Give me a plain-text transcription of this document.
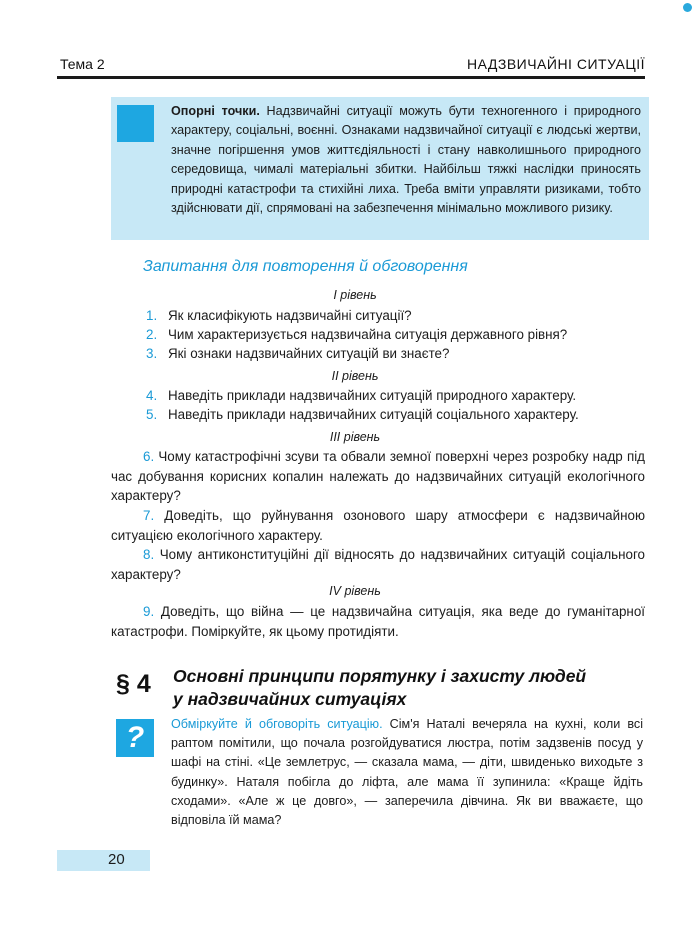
Тема 2	НАДЗВИЧАЙНІ СИТУАЦІЇ
Опорні точки. Надзвичайні ситуації можуть бути техногенного і природного характеру, соціальні, воєнні. Ознаками надзвичайної ситуації є людські жертви, значне погіршення умов життєдіяльності і стану навколишнього природного середовища, чималі матеріальні збитки. Найбільш тяжкі наслідки приносять природні катастрофи та стихійні лиха. Треба вміти управляти ризиками, тобто здійснювати дії, спрямовані на забезпечення мінімально можливого ризику.
Запитання для повторення й обговорення
I рівень
1. Як класифікують надзвичайні ситуації?
2. Чим характеризується надзвичайна ситуація державного рівня?
3. Які ознаки надзвичайних ситуацій ви знаєте?
II рівень
4. Наведіть приклади надзвичайних ситуацій природного характеру.
5. Наведіть приклади надзвичайних ситуацій соціального характеру.
III рівень
6. Чому катастрофічні зсуви та обвали земної поверхні через розробку надр під час добування корисних копалин належать до надзвичайних ситуацій екологічного характеру?
7. Доведіть, що руйнування озонового шару атмосфери є надзвичайною ситуацією екологічного характеру.
8. Чому антиконституційні дії відносять до надзвичайних ситуацій соціального характеру?
IV рівень
9. Доведіть, що війна — це надзвичайна ситуація, яка веде до гуманітарної катастрофи. Поміркуйте, як цьому протидіяти.
§ 4 Основні принципи порятунку і захисту людей
у надзвичайних ситуаціях
?	Обміркуйте й обговоріть ситуацію. Сім'я Наталі вечеряла на кухні, коли всі раптом помітили, що почала розгойдуватися люстра, потім задзвенів посуд у шафі на стіні. «Це землетрус, — сказала мама, — діти, швиденько виходьте з будинку». Наталя побігла до ліфта, але мама її зупинила: «Краще йдіть сходами». «Але ж це довго», — заперечила дівчина. Як ви вважаєте, що відповіла їй мама?
20
